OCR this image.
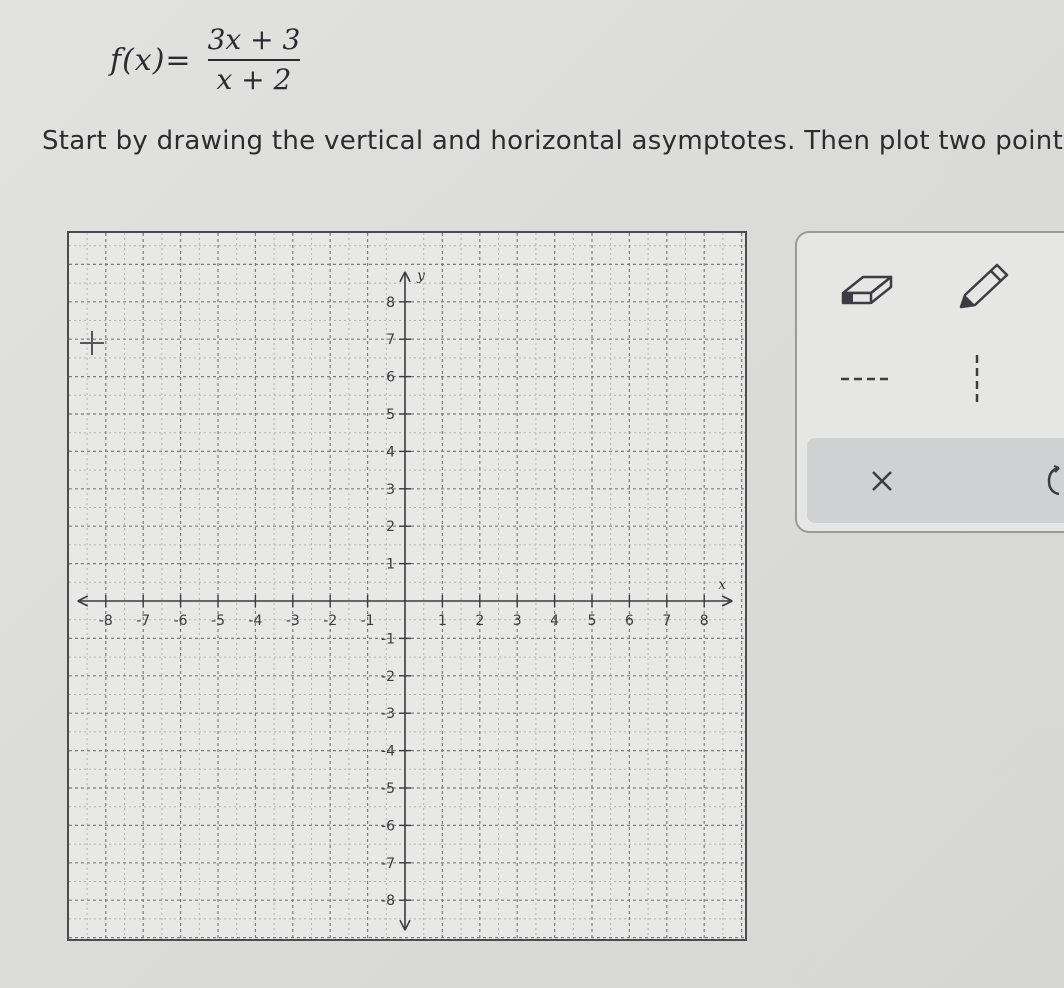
$f(x)= \frac{3x + 3}{x + 2}$
Start by drawing the vertical and horizontal asymptotes. Then plot two point
x
y
-8 -7 -6 -5 -4 -3 -2 -1	1 2 3 4 5 6 7 8
8
7
6
5
4
3
2
1
-1
-2
-3
-4
-5
-6
-7
-8
